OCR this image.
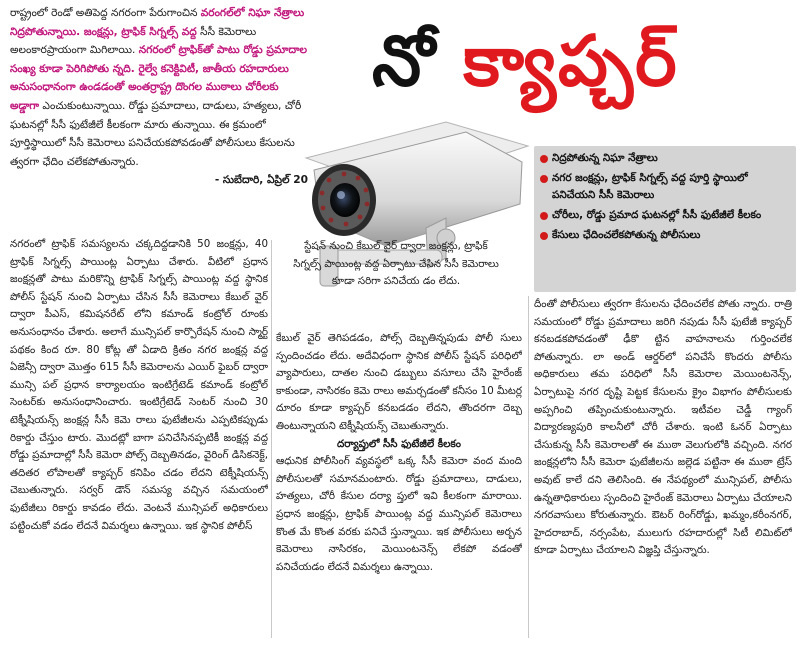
రాష్ట్రంలో రెండో అతిపెద్ద నగరంగా పేరుగాంచిన వరంగల్‌లో నిఘా నేత్రాలు నిద్రపోతున్నాయి. జంక్షన్లు, ట్రాఫిక్ సిగ్నల్స్ వద్ద సీసీ కెమెరాలు అలంకారప్రాయంగా మిగిలాయి. నగరంలో ట్రాఫిక్‌తో పాటు రోడ్డు ప్రమాదాల సంఖ్య కూడా పెరిగిపోతు న్నది. రైల్వే కనెక్టివిటీ, జాతీయ రహదారులు అనుసంధానంగా ఉండడంతో అంతర్రాష్ట్ర దొంగల ముఠాలు చోరీలకు అడ్డాగా ఎంచుకుంటున్నాయి. రోడ్డు ప్రమాదాలు, దాడులు, హత్యలు, చోరీ ఘటనల్లో సీసీ ఫుటేజీలే కీలకంగా మారు తున్నాయి. ఈ క్రమంలో పూర్తిస్థాయిలో సీసీ కెమెరాలు పనిచేయకపోవడంతో పోలీసులు కేసులను త్వరగా ఛేదిం చలేకపోతున్నారు.
- సుబేదారి, ఏప్రిల్ 20
నో క్యాప్చర్
నిద్రపోతున్న నిఘా నేత్రాలు
నగర జంక్షన్లు, ట్రాఫిక్ సిగ్నల్స్ వద్ద పూర్తి స్థాయిలో పనిచేయని సీసీ కెమెరాలు
చోరీలు, రోడ్డు ప్రమాద ఘటనల్లో సీసీ ఫుటేజీలే కీలకం
కేసులు ఛేదించలేకపోతున్న పోలీసులు
నగరంలో ట్రాఫిక్ సమస్యలను చక్కదిద్దడానికి 50 జంక్షన్లు, 40 ట్రాఫిక్ సిగ్నల్స్ పాయింట్ల ఏర్పాటు చేశారు. వీటిలో ప్రధాన జంక్షన్లతో పాటు మరికొన్ని ట్రాఫిక్ సిగ్నల్స్ పాయింట్ల వద్ద స్థానిక పోలీస్ స్టేషన్ నుంచి ఏర్పాటు చేసిన సీసీ కెమెరాలు కేబుల్ వైర్ ద్వారా పీఎస్, కమిషనరేట్ లోని కమాండ్ కంట్రోల్ రూంకు అనుసంధానం చేశారు. అలాగే మున్సిపల్ కార్పొరేషన్ నుంచి స్మార్ట్ పథకం కింద రూ. 80 కోట్ల తో ఏడాది క్రితం నగర జంక్షన్ల వద్ద ఏజెన్సీ ద్వారా మొత్తం 615 సీసీ కెమెరాలను ఎయిర్ ఫైబర్ ద్వారా మున్సి పల్ ప్రధాన కార్యాలయం ఇంటిగ్రేటెడ్ కమాండ్ కంట్రోల్ సెంటర్‌కు అనుసంధానించారు. ఇంటిగ్రేటెడ్ సెంటర్ నుంచి 30 టెక్నీషియన్స్ జంక్షన్ల సీసీ కెమె రాలు ఫుటేజీలను ఎప్పటికప్పుడు రికార్డు చేస్తుం టారు. మొదట్లో బాగా పనిచేసినప్పటికీ జంక్షన్ల వద్ద రోడ్డు ప్రమాదాల్లో సీసీ కెమెరా పోల్స్ దెబ్బతినడం, వైరింగ్ డిసికనెక్ట్, తదితర లోపాలతో క్యాప్చర్ కనిపిం చడం లేదని టెక్నీషియన్స్ చెబుతున్నారు. సర్వర్ డౌన్ సమస్య వచ్చిన సమయంలో ఫుటేజీలు రికార్డు కావడం లేదు. వెంటనే మున్సిపల్ అధికారులు పట్టించుకో వడం లేదనే విమర్శలు ఉన్నాయి. ఇక స్థానిక పోలీస్
స్టేషన్ నుంచి కేబుల్ వైర్ ద్వారా జంక్షన్లు, ట్రాఫిక్ సిగ్నల్స్ పాయింట్ల వద్ద ఏర్పాటు చేసిన సీసీ కెమెరాలు కూడా సరిగా పనిచేయ డం లేదు.
కేబుల్ వైర్ తెగిపడడం, పోల్స్ దెబ్బతిన్నపుడు పోలీ సులు స్పందించడం లేదు. అదేవిధంగా స్థానిక పోలీస్ స్టేషన్ పరిధిలో వ్యాపారులు, దాతల నుంచి డబ్బులు వసూలు చేసి హైరేంజ్ కాకుండా, నాసిరకం కెమె రాలు అమర్చడంతో కనీసం 10 మీటర్ల దూరం కూడా క్యాప్చర్ కనబడడం లేదని, తొందరగా దెబ్బ తింటున్నాయని టెక్నీషియన్స్ చెబుతున్నారు.
దర్యాప్తులో సీసీ ఫుటేజీలే కీలకం
ఆధునిక పోలీసింగ్ వ్యవస్థలో ఒక్క సీసీ కెమెరా వంద మంది పోలీసులతో సమానమంటారు. రోడ్డు ప్రమాదాలు, దాడులు, హత్యలు, చోరీ కేసుల దర్యా ప్తులో ఇవి కీలకంగా మారాయి. ప్రధాన జంక్షన్లు, ట్రాఫిక్ పాయింట్ల వద్ద మున్సిపల్ కెమెరాలు కొంత మే కొంత వరకు పనిచే స్తున్నాయి. ఇక పోలీసులు అర్బన కెమెరాలు నాసిరకం, మెయింటనెన్స్ లేకపో వడంతో పనిచేయడం లేదనే విమర్శలు ఉన్నాయి.
దీంతో పోలీసులు త్వరగా కేసులను ఛేదించలేక పోతు న్నారు. రాత్రి సమయంలో రోడ్డు ప్రమాదాలు జరిగి నపుడు సీసీ ఫుటేజీ క్యాప్చర్ కనబడకపోవడంతో ఢీకొ ట్టిన వాహనాలను గుర్తించలేక పోతున్నారు. లా అండ్ ఆర్డర్‌లో పనిచేసే కొందరు పోలీసు అధికారులు తమ పరిధిలో సీసీ కెమెరాల మెయింటనెన్స్, ఏర్పాటుపై నగర దృష్టి పెట్టక కేసులను క్రైం విభాగం పోలీసులకు అప్పగించి తప్పించుకుంటున్నారు. ఇటీవల చెడ్డీ గ్యాంగ్ విద్యారణ్యపురి కాలనీలో చోరీ చేశారు. ఇంటి ఓనర్ ఏర్పాటు చేసుకున్న సీసీ కెమెరాలతో ఈ ముఠా వెలుగులోకి వచ్చింది. నగర జంక్షన్లలోని సీసీ కెమెరా ఫుటేజీలను జల్లెడ పట్టినా ఈ ముఠా ట్రేస్ అవుట్ కాలే దని తెలిసింది. ఈ నేపథ్యంలో మున్సిపల్, పోలీసు ఉన్నతాధికారులు స్పందించి హైరేంజ్ కెమెరాలు ఏర్పాటు చేయాలని నగరవాసులు కోరుతున్నారు. ఔటర్ రింగ్‌రోడ్డు, ఖమ్మం,కరీంనగర్, హైదరాబాద్, నర్సంపేట, ములుగు రహదారుల్లో సిటీ లిమిట్‌లో కూడా ఏర్పాటు చేయాలని విజ్ఞప్తి చేస్తున్నారు.
